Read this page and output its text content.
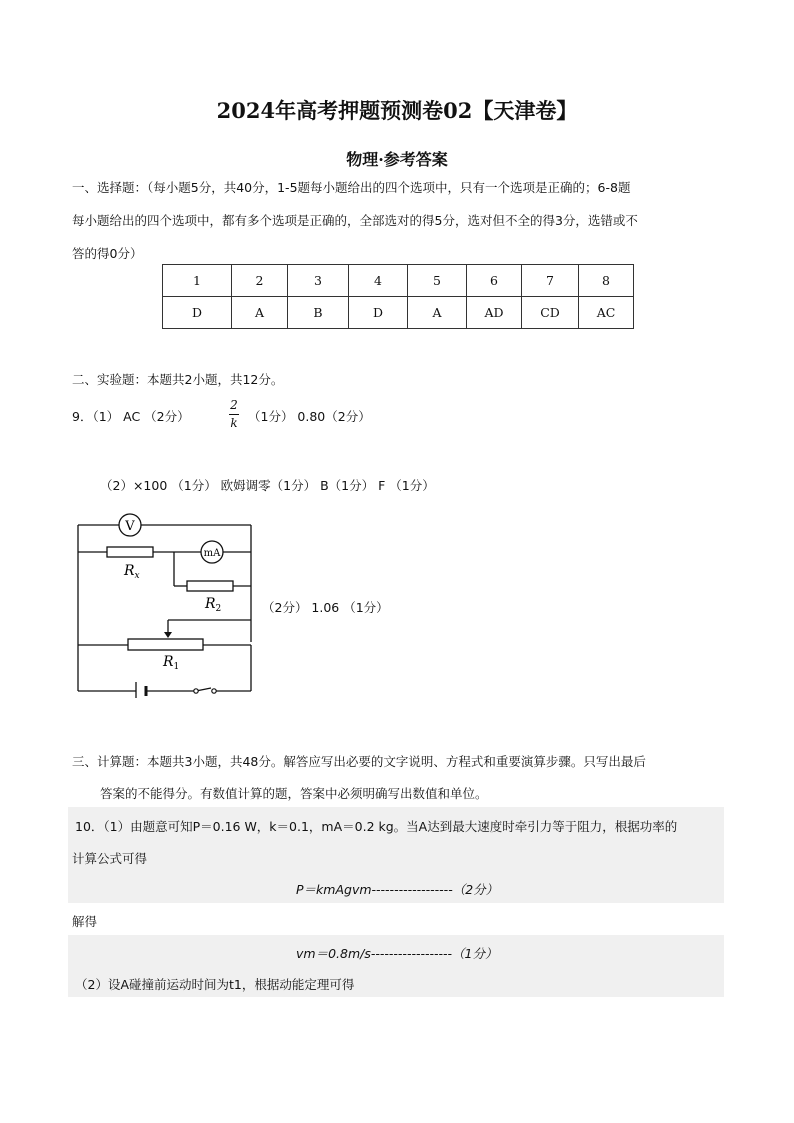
2024年高考押题预测卷02【天津卷】
物理·参考答案
一、选择题：（每小题5分，共40分，1-5题每小题给出的四个选项中，只有一个选项是正确的；6-8题
每小题给出的四个选项中，都有多个选项是正确的，全部选对的得5分，选对但不全的得3分，选错或不
答的得0分）
1	2	3	4	5	6	7	8
D	A	B	D	A	AD	CD	AC
二、实验题：本题共2小题，共12分。
9．（1） AC （2分）
2
k （1分） 0.80（2分）
（2）×100 （1分） 欧姆调零（1分） B（1分） F （1分）
V
mA
$R_x$
$R_2$
$R_1$
（2分） 1.06 （1分）
三、计算题：本题共3小题，共48分。解答应写出必要的文字说明、方程式和重要演算步骤。只写出最后
答案的不能得分。有数值计算的题，答案中必须明确写出数值和单位。
10．（1）由题意可知P＝0.16 W，k＝0.1，mA＝0.2 kg。当A达到最大速度时牵引力等于阻力，根据功率的
计算公式可得
P＝kmAgvm------------------（2分）
解得
vm＝0.8m/s------------------（1分）
（2）设A碰撞前运动时间为t1，根据动能定理可得
